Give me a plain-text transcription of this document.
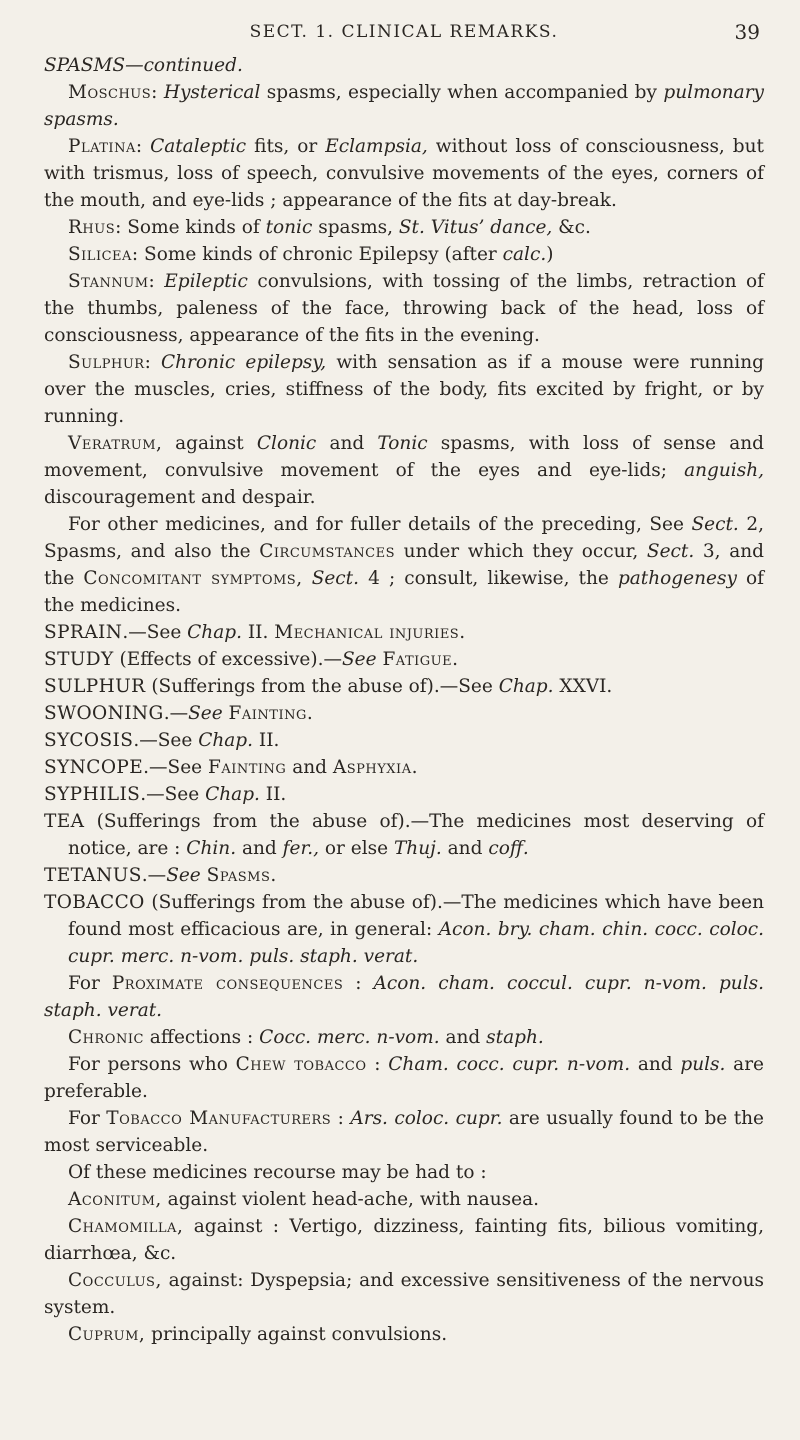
SECT. 1. CLINICAL REMARKS.	39

SPASMS—continued.

Moschus: Hysterical spasms, especially when accompanied by pulmonary spasms.

Platina: Cataleptic fits, or Eclampsia, without loss of consciousness, but with trismus, loss of speech, convulsive movements of the eyes, corners of the mouth, and eye-lids ; appearance of the fits at day-break.

Rhus: Some kinds of tonic spasms, St. Vitus’ dance, &c.

Silicea: Some kinds of chronic Epilepsy (after calc.)

Stannum: Epileptic convulsions, with tossing of the limbs, retraction of the thumbs, paleness of the face, throwing back of the head, loss of consciousness, appearance of the fits in the evening.

Sulphur: Chronic epilepsy, with sensation as if a mouse were running over the muscles, cries, stiffness of the body, fits excited by fright, or by running.

Veratrum, against Clonic and Tonic spasms, with loss of sense and movement, convulsive movement of the eyes and eye-lids; anguish, discouragement and despair.

For other medicines, and for fuller details of the preceding, See Sect. 2, Spasms, and also the Circumstances under which they occur, Sect. 3, and the Concomitant symptoms, Sect. 4 ; consult, likewise, the pathogenesy of the medicines.

SPRAIN.—See Chap. II. Mechanical injuries.

STUDY (Effects of excessive).—See Fatigue.

SULPHUR (Sufferings from the abuse of).—See Chap. XXVI.

SWOONING.—See Fainting.

SYCOSIS.—See Chap. II.

SYNCOPE.—See Fainting and Asphyxia.

SYPHILIS.—See Chap. II.

TEA (Sufferings from the abuse of).—The medicines most deserving of notice, are : Chin. and fer., or else Thuj. and coff.

TETANUS.—See Spasms.

TOBACCO (Sufferings from the abuse of).—The medicines which have been found most efficacious are, in general: Acon. bry. cham. chin. cocc. coloc. cupr. merc. n-vom. puls. staph. verat.

For Proximate consequences : Acon. cham. coccul. cupr. n-vom. puls. staph. verat.

Chronic affections : Cocc. merc. n-vom. and staph.

For persons who Chew tobacco : Cham. cocc. cupr. n-vom. and puls. are preferable.

For Tobacco Manufacturers : Ars. coloc. cupr. are usually found to be the most serviceable.

Of these medicines recourse may be had to :

Aconitum, against violent head-ache, with nausea.

Chamomilla, against : Vertigo, dizziness, fainting fits, bilious vomiting, diarrhœa, &c.

Cocculus, against: Dyspepsia; and excessive sensitiveness of the nervous system.

Cuprum, principally against convulsions.
